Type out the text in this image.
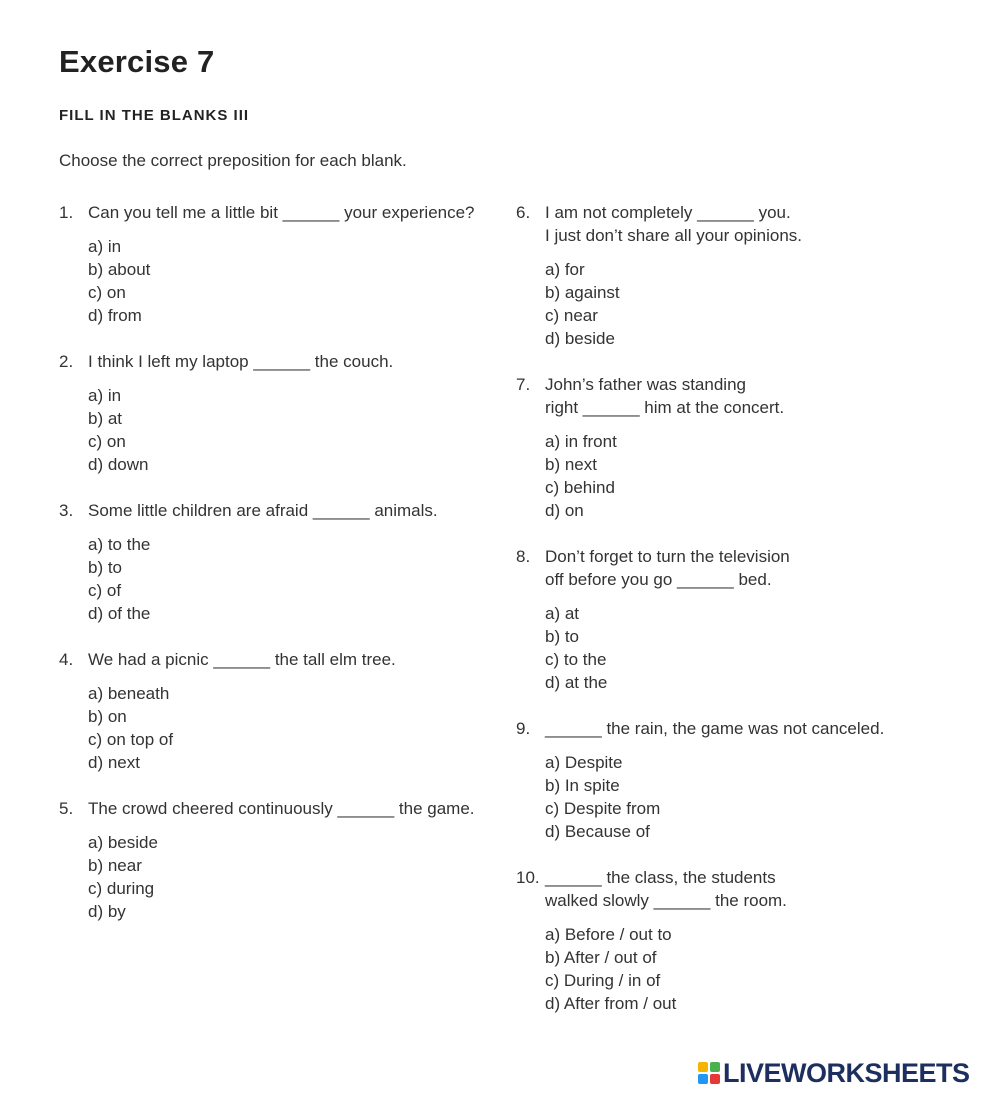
Exercise 7
FILL IN THE BLANKS III

Choose the correct preposition for each blank.

1. Can you tell me a little bit ______ your experience?
a) in
b) about
c) on
d) from
2. I think I left my laptop ______ the couch.
a) in
b) at
c) on
d) down
3. Some little children are afraid ______ animals.
a) to the
b) to
c) of
d) of the
4. We had a picnic ______ the tall elm tree.
a) beneath
b) on
c) on top of
d) next
5. The crowd cheered continuously ______ the game.
a) beside
b) near
c) during
d) by
6. I am not completely ______ you.
I just don’t share all your opinions.
a) for
b) against
c) near
d) beside
7. John’s father was standing
right ______ him at the concert.
a) in front
b) next
c) behind
d) on
8. Don’t forget to turn the television
off before you go ______ bed.
a) at
b) to
c) to the
d) at the
9. ______ the rain, the game was not canceled.
a) Despite
b) In spite
c) Despite from
d) Because of
10. ______ the class, the students
walked slowly ______ the room.
a) Before / out to
b) After / out of
c) During / in of
d) After from / out
LIVEWORKSHEETS
